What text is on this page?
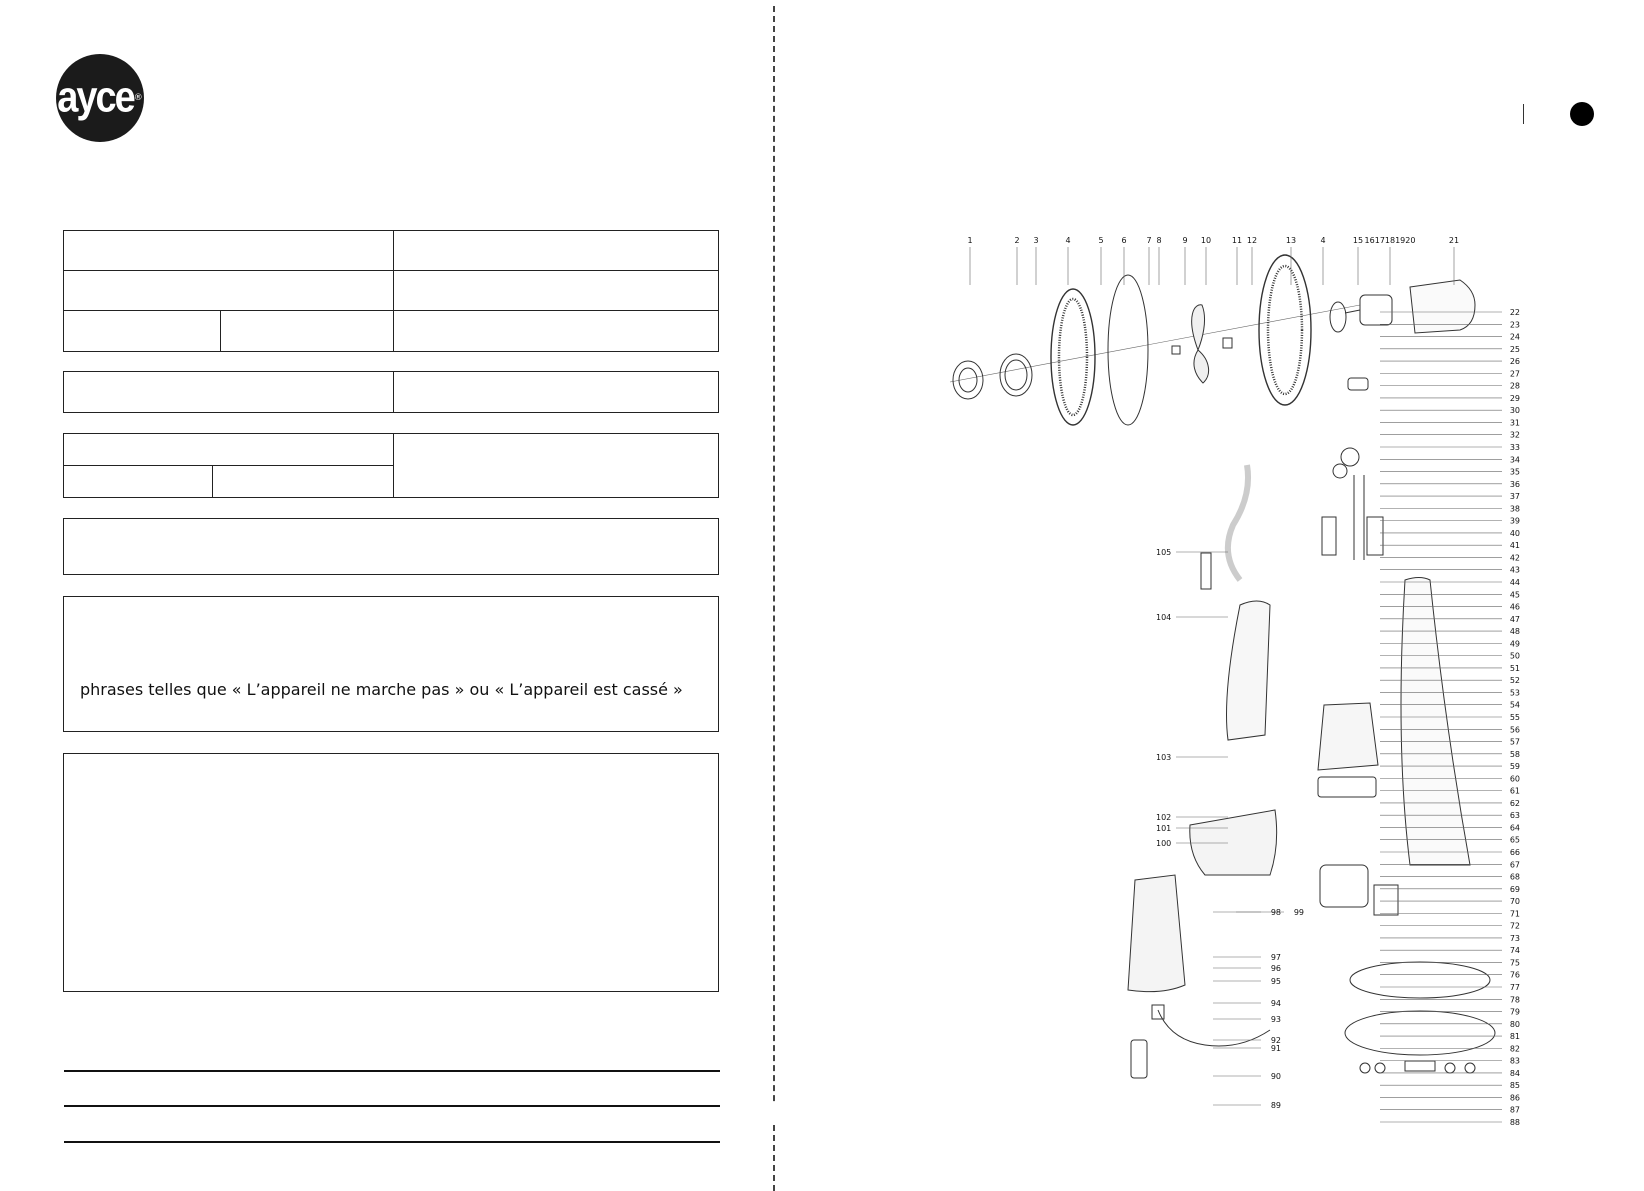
ayce ®
phrases telles que « L’appareil ne marche pas » ou « L’appareil est cassé »
1	2 3	4	5 6 7 8	9 10	11 12	13	4	15 1617181920	21
22
23
24
25
26
27
28
29
30
31
32
33
34
35
36
37
38
39
40
41
42
43
44
45
46
47
48
49
50
51
52
53
54
55
56
57
58
59
60
61
62
63
64
65
66
67
68
69
70
71
72
73
74
75
76
77
78
79
80
81
82
83
84
85
86
87
88
105
104
103
102
101
100
99
98
97
96
95
94
93
92
91
90
89
